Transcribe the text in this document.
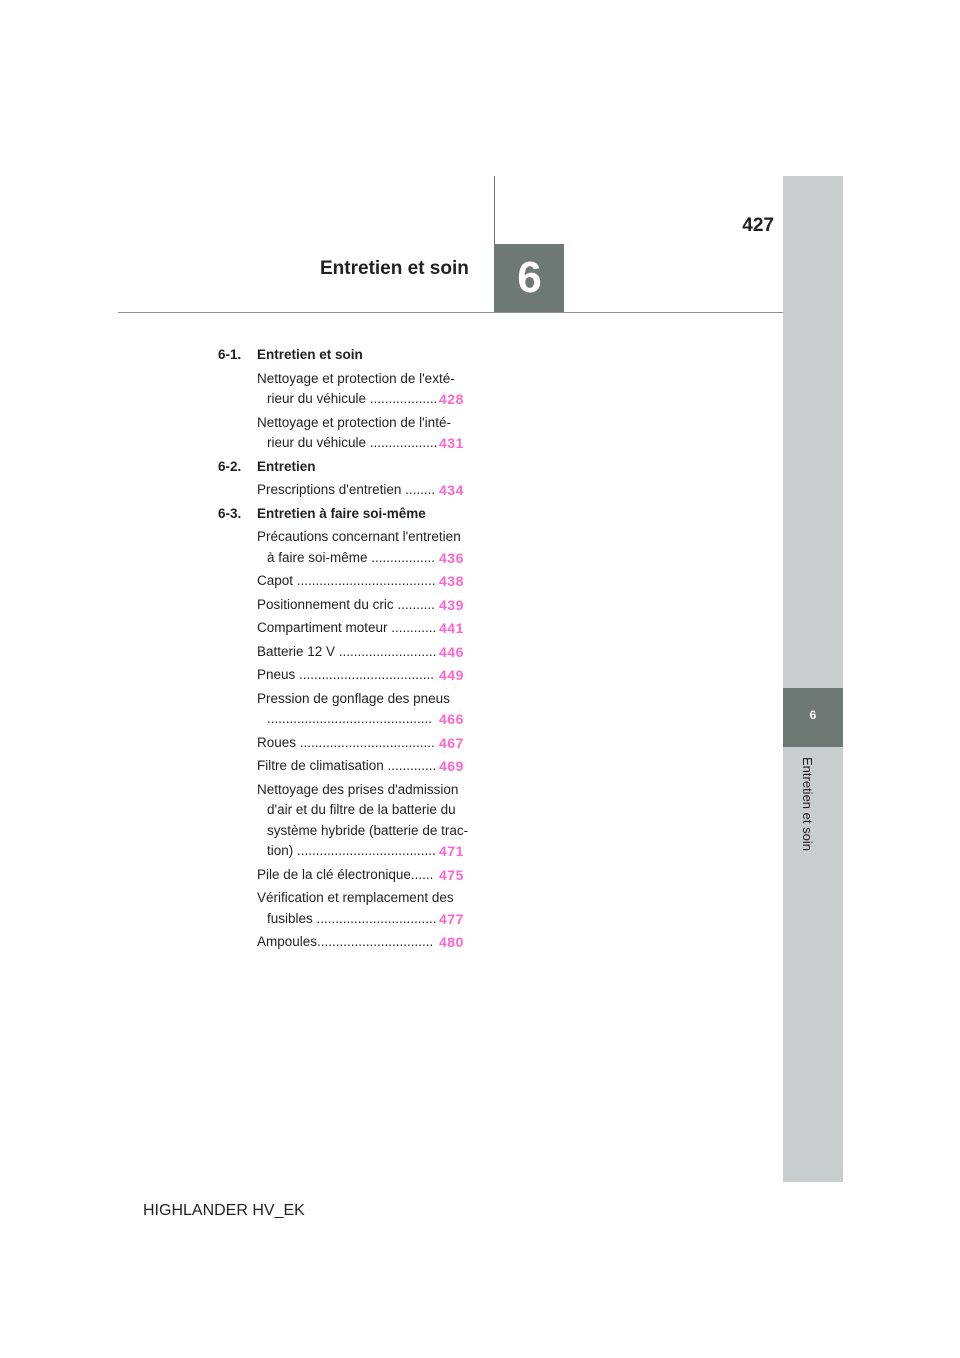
6
Entretien et soin
6
Entretien et soin
427
6-1. Entretien et soin
Nettoyage et protection de l'exté-
rieur du véhicule .................. 428
Nettoyage et protection de l'inté-
rieur du véhicule .................. 431
6-2. Entretien
Prescriptions d'entretien ........ 434
6-3. Entretien à faire soi-même
Précautions concernant l'entretien
à faire soi-même ................. 436
Capot ..................................... 438
Positionnement du cric .......... 439
Compartiment moteur ............ 441
Batterie 12 V .......................... 446
Pneus .................................... 449
Pression de gonflage des pneus
............................................ 466
Roues .................................... 467
Filtre de climatisation ............. 469
Nettoyage des prises d'admission
d'air et du filtre de la batterie du
système hybride (batterie de trac-
tion) ..................................... 471
Pile de la clé électronique...... 475
Vérification et remplacement des
fusibles ................................ 477
Ampoules............................... 480
HIGHLANDER HV_EK
